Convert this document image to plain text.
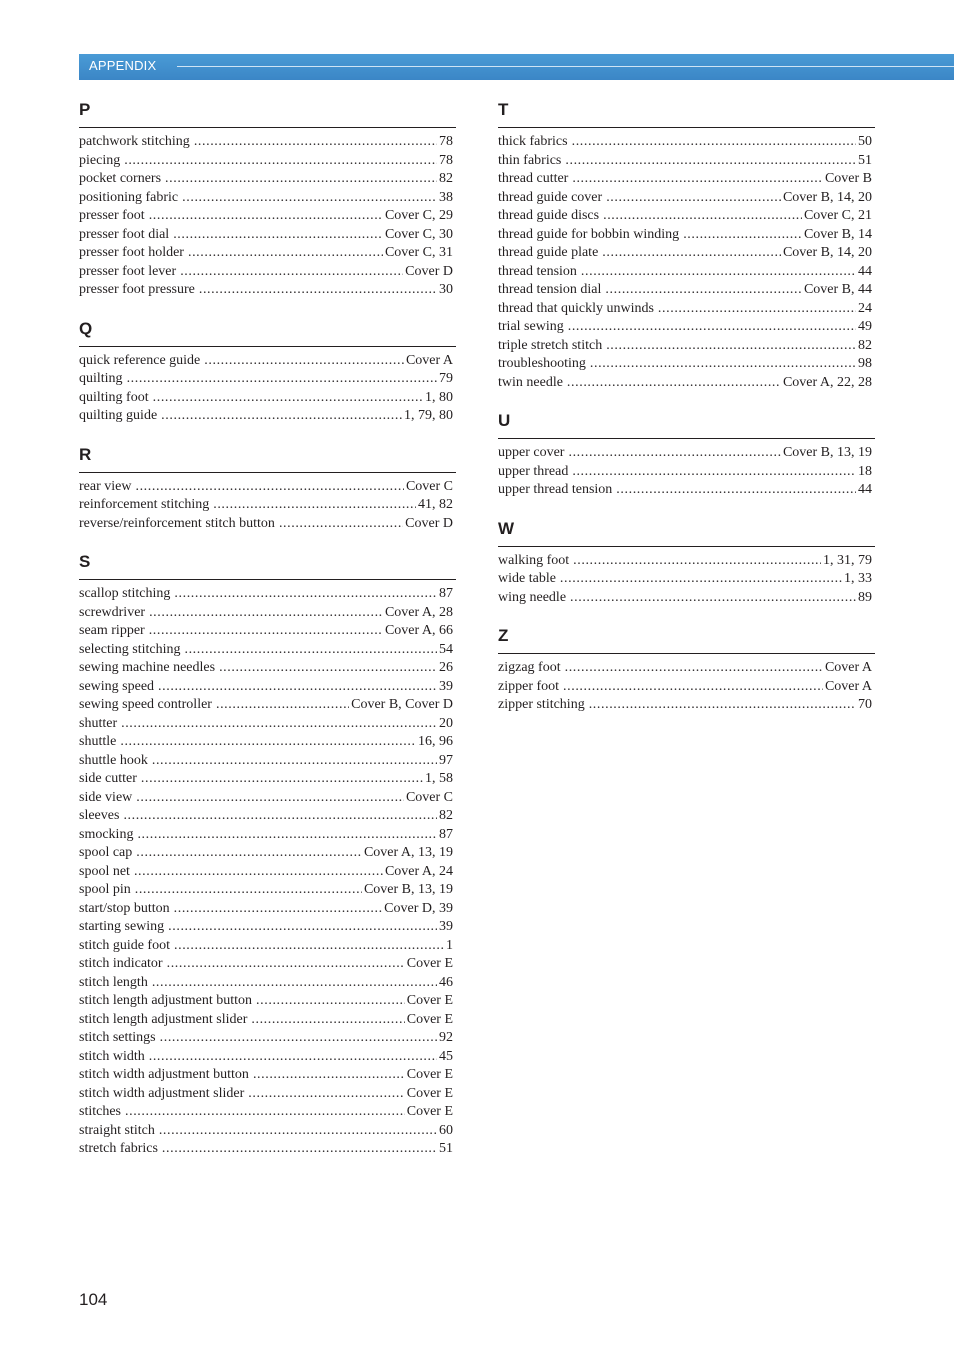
APPENDIX
P
patchwork stitching .....	78
piecing .....	78
pocket corners .....	82
positioning fabric .....	38
presser foot .....	Cover C, 29
presser foot dial .....	Cover C, 30
presser foot holder .....	Cover C, 31
presser foot lever .....	Cover D
presser foot pressure .....	30
Q
quick reference guide .....	Cover A
quilting .....	79
quilting foot .....	1, 80
quilting guide .....	1, 79, 80
R
rear view .....	Cover C
reinforcement stitching .....	41, 82
reverse/reinforcement stitch button .....	Cover D
S
scallop stitching .....	87
screwdriver .....	Cover A, 28
seam ripper .....	Cover A, 66
selecting stitching .....	54
sewing machine needles .....	26
sewing speed .....	39
sewing speed controller .....	Cover B, Cover D
shutter .....	20
shuttle .....	16, 96
shuttle hook .....	97
side cutter .....	1, 58
side view .....	Cover C
sleeves .....	82
smocking .....	87
spool cap .....	Cover A, 13, 19
spool net .....	Cover A, 24
spool pin .....	Cover B, 13, 19
start/stop button .....	Cover D, 39
starting sewing .....	39
stitch guide foot .....	1
stitch indicator .....	Cover E
stitch length .....	46
stitch length adjustment button .....	Cover E
stitch length adjustment slider .....	Cover E
stitch settings .....	92
stitch width .....	45
stitch width adjustment button .....	Cover E
stitch width adjustment slider .....	Cover E
stitches .....	Cover E
straight stitch .....	60
stretch fabrics .....	51
T
thick fabrics .....	50
thin fabrics .....	51
thread cutter .....	Cover B
thread guide cover .....	Cover B, 14, 20
thread guide discs .....	Cover C, 21
thread guide for bobbin winding .....	Cover B, 14
thread guide plate .....	Cover B, 14, 20
thread tension .....	44
thread tension dial .....	Cover B, 44
thread that quickly unwinds .....	24
trial sewing .....	49
triple stretch stitch .....	82
troubleshooting .....	98
twin needle .....	Cover A, 22, 28
U
upper cover .....	Cover B, 13, 19
upper thread .....	18
upper thread tension .....	44
W
walking foot .....	1, 31, 79
wide table .....	1, 33
wing needle .....	89
Z
zigzag foot .....	Cover A
zipper foot .....	Cover A
zipper stitching .....	70
104
